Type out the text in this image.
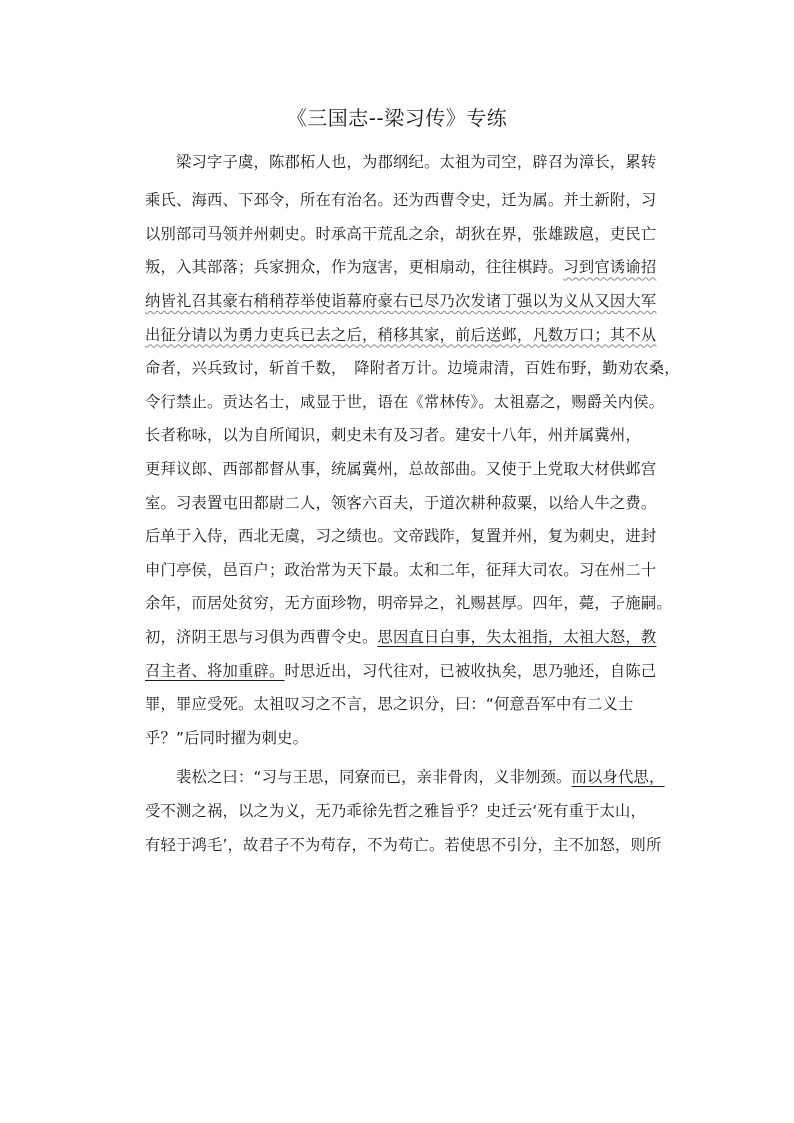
《三国志--梁习传》专练
　　梁习字子虞，陈郡柘人也，为郡纲纪。太祖为司空，辟召为漳长，累转
乘氏、海西、下邳令，所在有治名。还为西曹令史，迁为属。并土新附，习
以别部司马领并州刺史。时承高干荒乱之余，胡狄在界，张雄跋扈，吏民亡
叛，入其部落；兵家拥众，作为寇害，更相扇动，往往棋跱。习到官诱谕招
纳皆礼召其豪右稍稍荐举使诣幕府豪右已尽乃次发诸丁强以为义从又因大军
出征分请以为勇力吏兵已去之后，稍移其家，前后送邺，凡数万口；其不从
命者，兴兵致讨，斩首千数，　降附者万计。边境肃清，百姓布野，勤劝农桑，
令行禁止。贡达名士，咸显于世，语在《常林传》。太祖嘉之，赐爵关内侯。
长者称咏，以为自所闻识，刺史未有及习者。建安十八年，州并属冀州，
更拜议郎、西部都督从事，统属冀州，总故部曲。又使于上党取大材供邺宫
室。习表置屯田都尉二人，领客六百夫，于道次耕种菽粟，以给人牛之费。
后单于入侍，西北无虞，习之绩也。文帝践阼，复置并州，复为刺史，进封
申门亭侯，邑百户；政治常为天下最。太和二年，征拜大司农。习在州二十
余年，而居处贫穷，无方面珍物，明帝异之，礼赐甚厚。四年，薨，子施嗣。
初，济阴王思与习俱为西曹令史。思因直日白事，失太祖指，太祖大怒，教
召主者、将加重辟。时思近出，习代往对，已被收执矣，思乃驰还，自陈己
罪，罪应受死。太祖叹习之不言，思之识分，曰：“何意吾军中有二义士
乎？”后同时擢为刺史。
　　裴松之曰：“习与王思，同寮而已，亲非骨肉，义非刎颈。而以身代思，
受不测之祸，以之为义，无乃乖徐先哲之雅旨乎？史迁云‘死有重于太山，
有轻于鸿毛’，故君子不为苟存，不为苟亡。若使思不引分，主不加怒，则所
